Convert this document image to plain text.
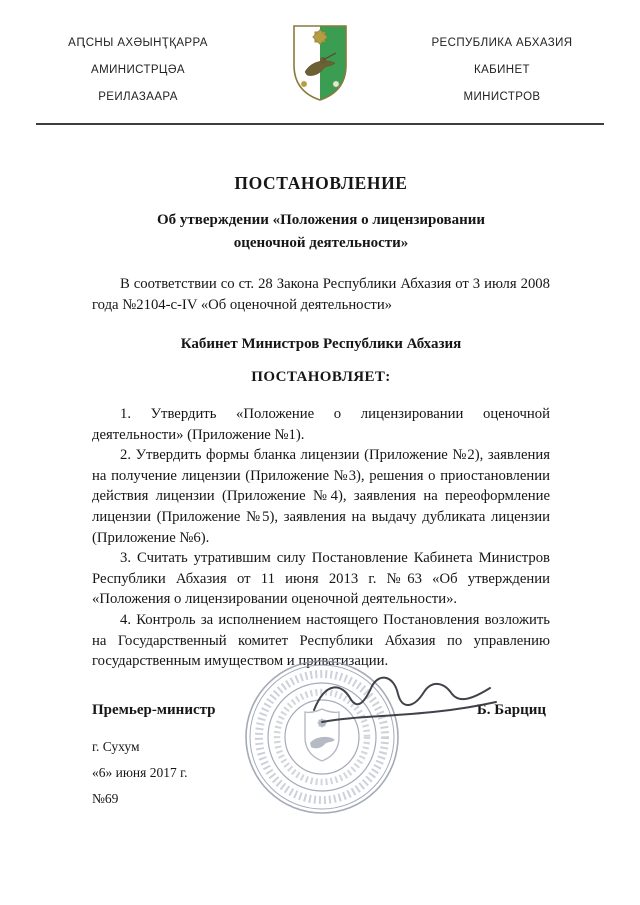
АԤСНЫ АХӘЫНҬҚАРРА
АМИНИСТРЦӘА
РЕИЛАЗААРА
РЕСПУБЛИКА АБХАЗИЯ
КАБИНЕТ
МИНИСТРОВ
ПОСТАНОВЛЕНИЕ
Об утверждении «Положения о лицензировании оценочной деятельности»

В соответствии со ст. 28 Закона Республики Абхазия от 3 июля 2008 года №2104-с-IV «Об оценочной деятельности»

Кабинет Министров Республики Абхазия
ПОСТАНОВЛЯЕТ:

1. Утвердить «Положение о лицензировании оценочной деятельности» (Приложение №1).

2. Утвердить формы бланка лицензии (Приложение №2), заявления на получение лицензии (Приложение №3), решения о приостановлении действия лицензии (Приложение №4), заявления на переоформление лицензии (Приложение №5), заявления на выдачу дубликата лицензии (Приложение №6).

3. Считать утратившим силу Постановление Кабинета Министров Республики Абхазия от 11 июня 2013 г. №63 «Об утверждении «Положения о лицензировании оценочной деятельности».

4. Контроль за исполнением настоящего Постановления возложить на Государственный комитет Республики Абхазия по управлению государственным имуществом и приватизации.

Премьер-министр	Б. Барциц
г. Сухум
«6» июня 2017 г.
№69
